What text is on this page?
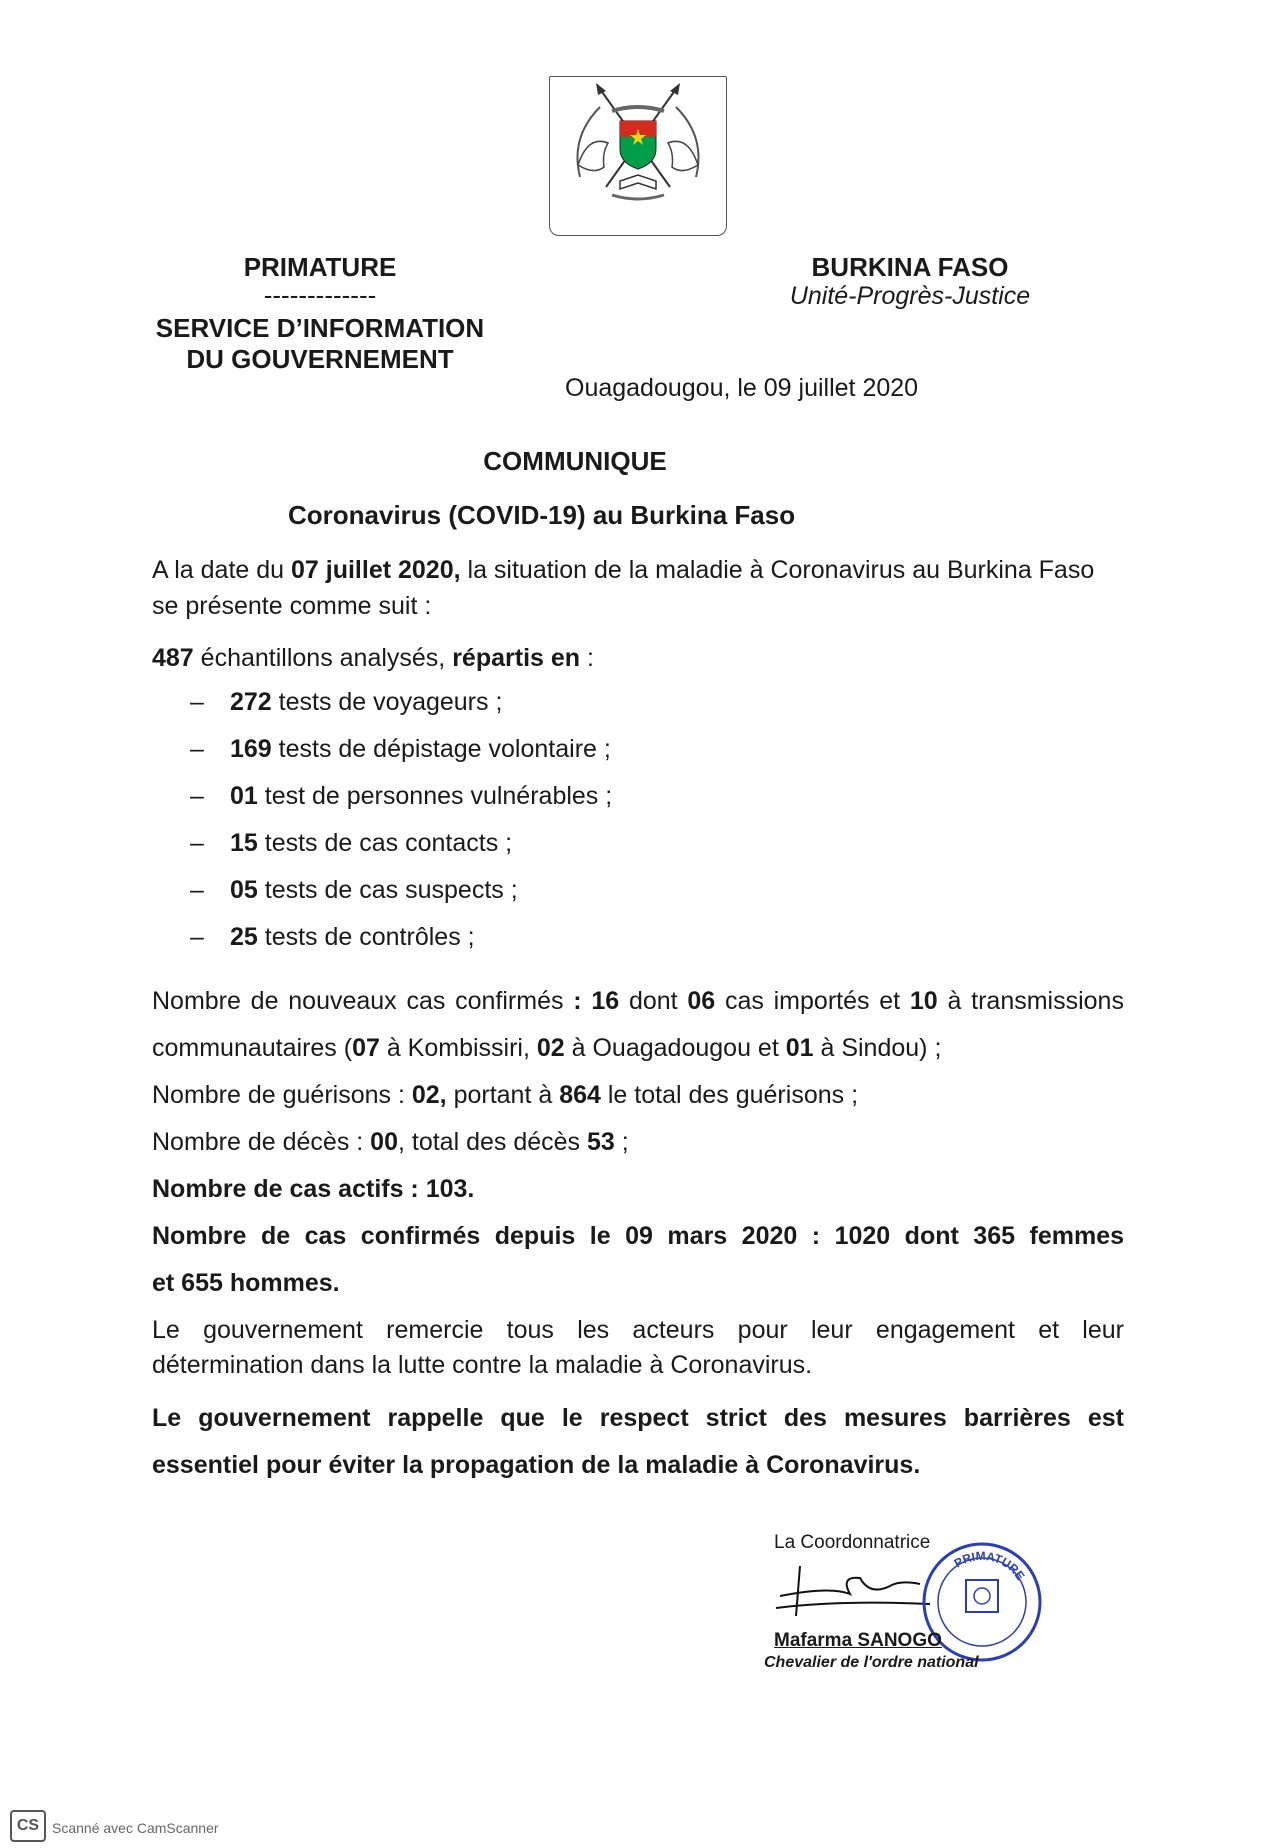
PRIMATURE
-------------
SERVICE D’INFORMATION
DU GOUVERNEMENT
BURKINA FASO
Unité-Progrès-Justice
Ouagadougou, le 09 juillet 2020
COMMUNIQUE
Coronavirus (COVID-19) au Burkina Faso
A la date du 07 juillet 2020, la situation de la maladie à Coronavirus au Burkina Faso se présente comme suit :
487 échantillons analysés, répartis en :
– 272 tests de voyageurs ;
– 169 tests de dépistage volontaire ;
– 01 test de personnes vulnérables ;
– 15 tests de cas contacts ;
– 05 tests de cas suspects ;
– 25 tests de contrôles ;
Nombre de nouveaux cas confirmés : 16 dont 06 cas importés et 10 à transmissions
communautaires (07 à Kombissiri, 02 à Ouagadougou et 01 à Sindou) ;
Nombre de guérisons : 02, portant à 864 le total des guérisons ;
Nombre de décès : 00, total des décès 53 ;
Nombre de cas actifs : 103.
Nombre de cas confirmés depuis le 09 mars 2020 : 1020 dont 365 femmes
et 655 hommes.
Le gouvernement remercie tous les acteurs pour leur engagement et leur
détermination dans la lutte contre la maladie à Coronavirus.
Le gouvernement rappelle que le respect strict des mesures barrières est
essentiel pour éviter la propagation de la maladie à Coronavirus.
La Coordonnatrice
PRIMATURE
Mafarma SANOGO
Chevalier de l'ordre national
CS Scanné avec CamScanner
